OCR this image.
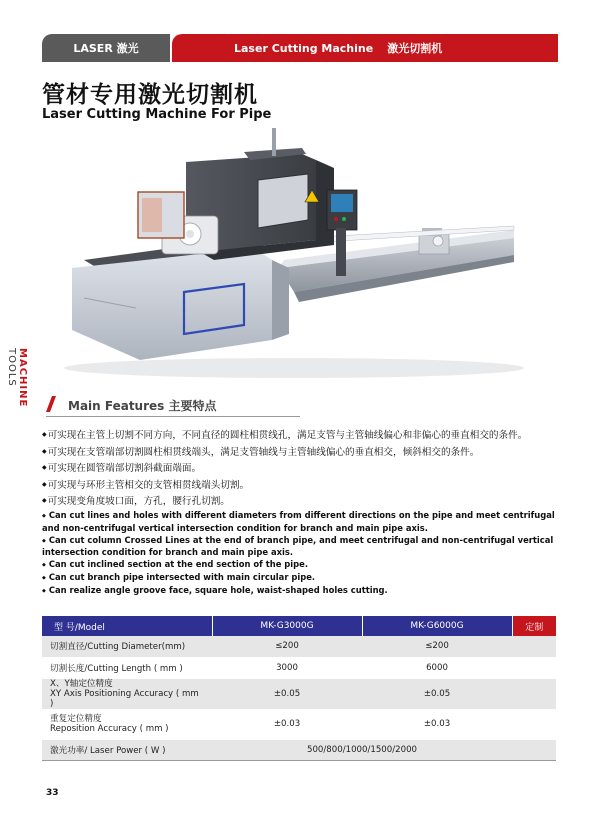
LASER 激光	Laser Cutting Machine 激光切割机
管材专用激光切割机
Laser Cutting Machine For Pipe
MACHINE TOOLS
Main Features 主要特点
◆ 可实现在主管上切割不同方向，不同直径的圆柱相贯线孔，满足支管与主管轴线偏心和非偏心的垂直相交的条件。
◆ 可实现在支管端部切割圆柱相贯线端头，满足支管轴线与主管轴线偏心的垂直相交，倾斜相交的条件。
◆ 可实现在圆管端部切割斜截面端面。
◆ 可实现与环形主管相交的支管相贯线端头切割。
◆ 可实现变角度坡口面，方孔，腰行孔切割。
◆ Can cut lines and holes with different diameters from different directions on the pipe and meet centrifugal and non-centrifugal vertical intersection condition for branch and main pipe axis.
◆ Can cut column Crossed Lines at the end of branch pipe, and meet centrifugal and non-centrifugal vertical intersection condition for branch and main pipe axis.
◆ Can cut inclined section at the end section of the pipe.
◆ Can cut branch pipe intersected with main circular pipe.
◆ Can realize angle groove face, square hole, waist-shaped holes cutting.
型 号/Model	MK-G3000G	MK-G6000G	定制
切割直径/Cutting Diameter(mm)	≤200	≤200	
切割长度/Cutting Length ( mm )	3000	6000	

X、Y轴定位精度
XY Axis Positioning Accuracy ( mm )	±0.05	±0.05	

重复定位精度
Reposition Accuracy ( mm )	±0.03	±0.03	
激光功率/ Laser Power ( W )	500/800/1000/1500/2000		
33
